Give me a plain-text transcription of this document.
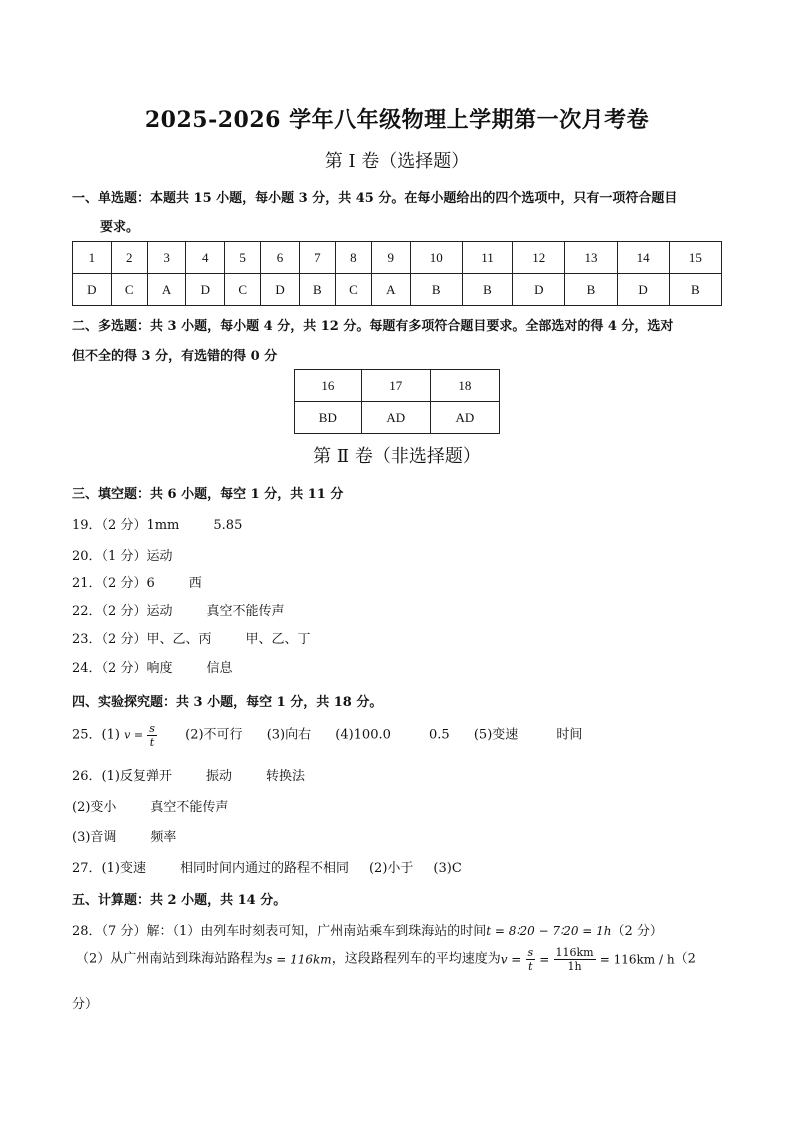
2025-2026 学年八年级物理上学期第一次月考卷
第 Ⅰ 卷（选择题）
一、单选题：本题共 15 小题，每小题 3 分，共 45 分。在每小题给出的四个选项中，只有一项符合题目
要求。
1	2	3	4	5	6	7	8	9	10	11	12	13	14	15
D	C	A	D	C	D	B	C	A	B	B	D	B	D	B
二、多选题：共 3 小题，每小题 4 分，共 12 分。每题有多项符合题目要求。全部选对的得 4 分，选对
但不全的得 3 分，有选错的得 0 分
16	17	18
BD	AD	AD
第 Ⅱ 卷（非选择题）
三、填空题：共 6 小题，每空 1 分，共 11 分
19．（2 分）1mm	5.85
20．（1 分）运动
21．（2 分）6	西
22．（2 分）运动	真空不能传声
23．（2 分）甲、乙、丙	甲、乙、丁
24．（2 分）响度	信息
四、实验探究题：共 3 小题，每空 1 分，共 18 分。
25．(1) $v = \frac{s}{t} (2)$不可行 (3)向右 (4)100.0	0.5 (5)变速	时间
26．(1)反复弹开	振动	转换法
(2)变小	真空不能传声
(3)音调	频率
27．(1)变速	相同时间内通过的路程不相同 (2)小于 (3)C
五、计算题：共 2 小题，共 14 分。
28．（7 分）解：（1）由列车时刻表可知，广州南站乘车到珠海站的时间t = 8∶20 − 7∶20 = 1h（2 分）
（2）从广州南站到珠海站路程为s = 116km，这段路程列车的平均速度为$v = \frac{s}{t} = \frac{116km}{1h} = 116km / h(2$
分）
